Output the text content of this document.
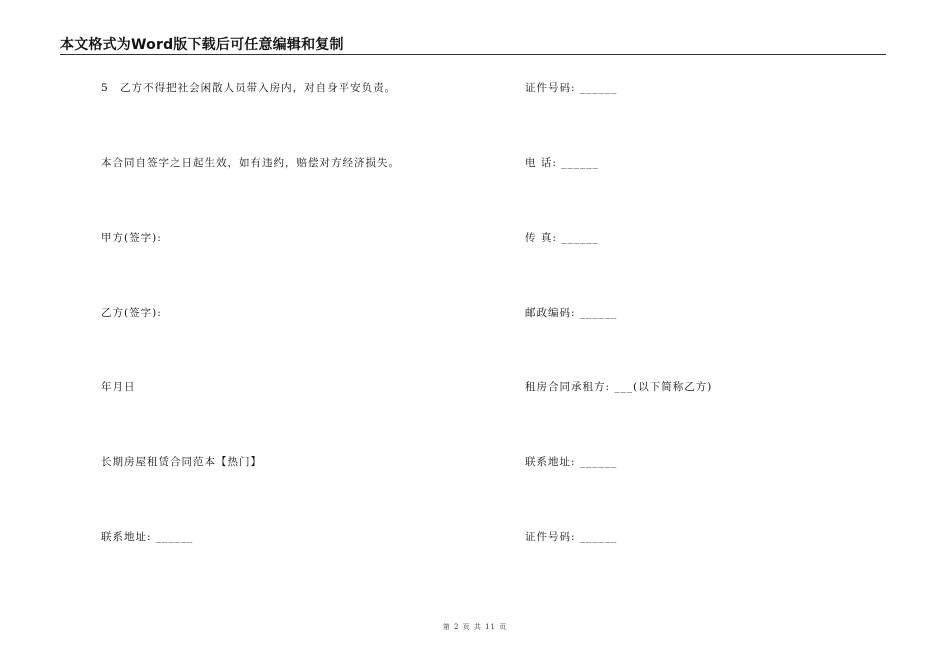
本文格式为Word版下载后可任意编辑和复制
5　乙方不得把社会闲散人员带入房内，对自身平安负责。
本合同自签字之日起生效，如有违约，赔偿对方经济损失。
甲方(签字):
乙方(签字):
年月日
长期房屋租赁合同范本【热门】
联系地址: ______
证件号码: ______
电 话: ______
传 真: ______
邮政编码: ______
租房合同承租方: ___(以下简称乙方)
联系地址: ______
证件号码: ______
第 2 页 共 11 页
